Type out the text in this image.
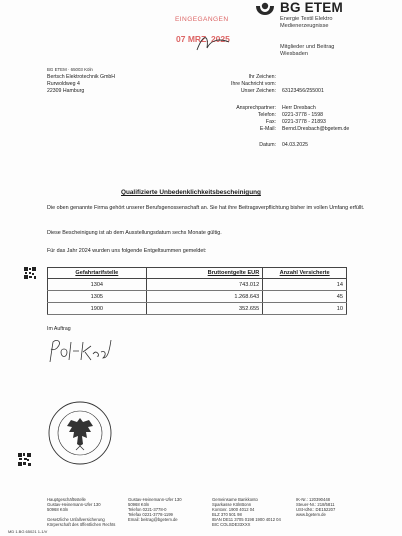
BG ETEM
Energie Textil Elektro
Medienerzeugnisse
Mitglieder und Beitrag
Wiesbaden
EINGEGANGEN
07 MRZ. 2025
BG ETEM · 65003 Köln
Bertsch Elektrotechnik GmbH
Rurwoldweg 4
22309 Hamburg
Ihr Zeichen:
Ihre Nachricht vom:
Unser Zeichen: 63123456/255001
Ansprechpartner: Herr Dresbach
Telefon: 0221-3778 - 1598
Fax: 0221-3778 - 21893
E-Mail: Bernd.Dresbach@bgetem.de
Datum: 04.03.2025
Qualifizierte Unbedenklichkeitsbescheinigung
Die oben genannte Firma gehört unserer Berufsgenossenschaft an. Sie hat ihre Beitragsverpflichtung bisher im vollen Umfang erfüllt.
Diese Bescheinigung ist ab dem Ausstellungsdatum sechs Monate gültig.
Für das Jahr 2024 wurden uns folgende Entgeltsummen gemeldet:
Gefahrtarifstelle	Bruttoentgelte EUR	Anzahl Versicherte
1304	743.012	14
1305	1.268.643	45
1900	352.655	10
Im Auftrag
Hauptgeschäftsstelle
Gustav-Heinemann-Ufer 130
50968 Köln
Gesetzliche Unfallversicherung
Körperschaft des öffentlichen Rechts
Gustav-Heinemann-Ufer 130
50968 Köln
Telefon 0221-3778-0
Telefax 0221-3778-1199
Email: beitrag@bgetem.de
Gemeinsame Bankkonto
Sparkasse KölnBonn
Kontonr. 1900 4012 04
BLZ 370 501 98
IBAN DE11 3705 0198 1900 4012 04
BIC COLSDE33XXX
IK-Nr.: 120390448
Steuer-Nr.: 218/5811
USt-IdNr.: DE152207
www.bgetem.de
MD 1.BG 65021 1-1/V
